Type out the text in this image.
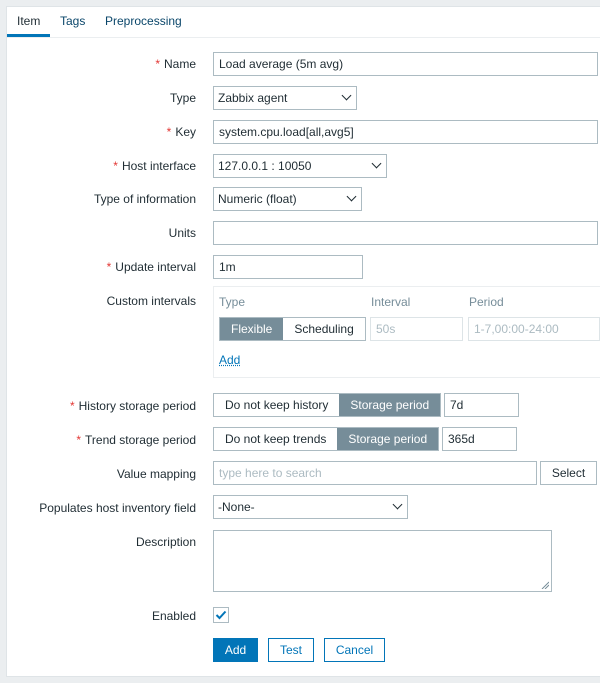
Item	Tags Preprocessing
* Name	Load average (5m avg)
Type	Zabbix agent
* Key	system.cpu.load[all,avg5]
* Host interface	127.0.0.1 : 10050
Type of information	Numeric (float)
Units
* Update interval	1m
Custom intervals Type	Interval	Period
Flexible	Scheduling	50s	1-7,00:00-24:00
Add
* History storage period	Do not keep history	Storage period	7d
* Trend storage period	Do not keep trends	Storage period	365d
Value mapping	type here to search	Select
Populates host inventory field	-None-
Description
Enabled
Add	Test	Cancel
